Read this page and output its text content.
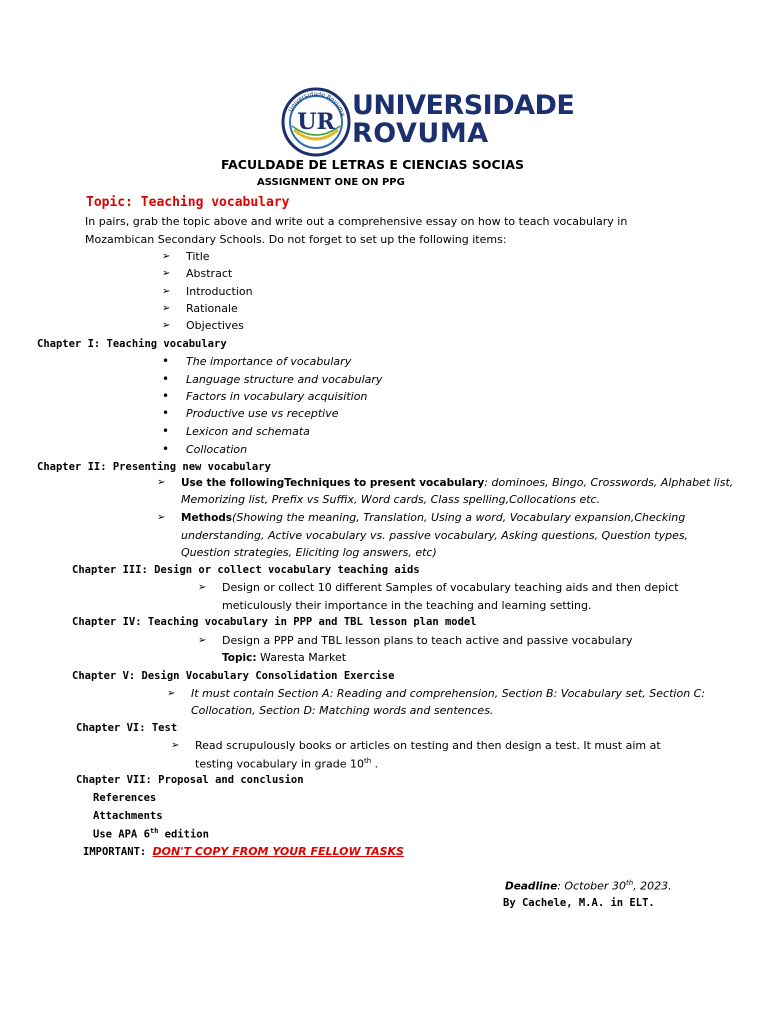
UR
Universidade Rovuma UNIVERSIDADE
ROVUMA
FACULDADE DE LETRAS E CIENCIAS SOCIAS
ASSIGNMENT ONE ON PPG
Topic: Teaching vocabulary
In pairs, grab the topic above and write out a comprehensive essay on how to teach vocabulary in
Mozambican Secondary Schools. Do not forget to set up the following items:
➢ Title
➢ Abstract
➢ Introduction
➢ Rationale
➢ Objectives
Chapter I: Teaching vocabulary
• The importance of vocabulary
• Language structure and vocabulary
• Factors in vocabulary acquisition
• Productive use vs receptive
• Lexicon and schemata
• Collocation
Chapter II: Presenting new vocabulary
➢ Use the followingTechniques to present vocabulary: dominoes, Bingo, Crosswords, Alphabet list,
Memorizing list, Prefix vs Suffix, Word cards, Class spelling,Collocations etc.
➢ Methods(Showing the meaning, Translation, Using a word, Vocabulary expansion,Checking
understanding, Active vocabulary vs. passive vocabulary, Asking questions, Question types,
Question strategies, Eliciting log answers, etc)
Chapter III: Design or collect vocabulary teaching aids
➢ Design or collect 10 different Samples of vocabulary teaching aids and then depict
meticulously their importance in the teaching and learning setting.
Chapter IV: Teaching vocabulary in PPP and TBL lesson plan model
➢ Design a PPP and TBL lesson plans to teach active and passive vocabulary
Topic: Waresta Market
Chapter V: Design Vocabulary Consolidation Exercise
➢ It must contain Section A: Reading and comprehension, Section B: Vocabulary set, Section C:
Collocation, Section D: Matching words and sentences.
Chapter VI: Test
➢ Read scrupulously books or articles on testing and then design a test. It must aim at
testing vocabulary in grade 10th .
Chapter VII: Proposal and conclusion
References
Attachments
Use APA 6th edition
IMPORTANT: DON'T COPY FROM YOUR FELLOW TASKS
Deadline: October 30th, 2023.
By Cachele, M.A. in ELT.
